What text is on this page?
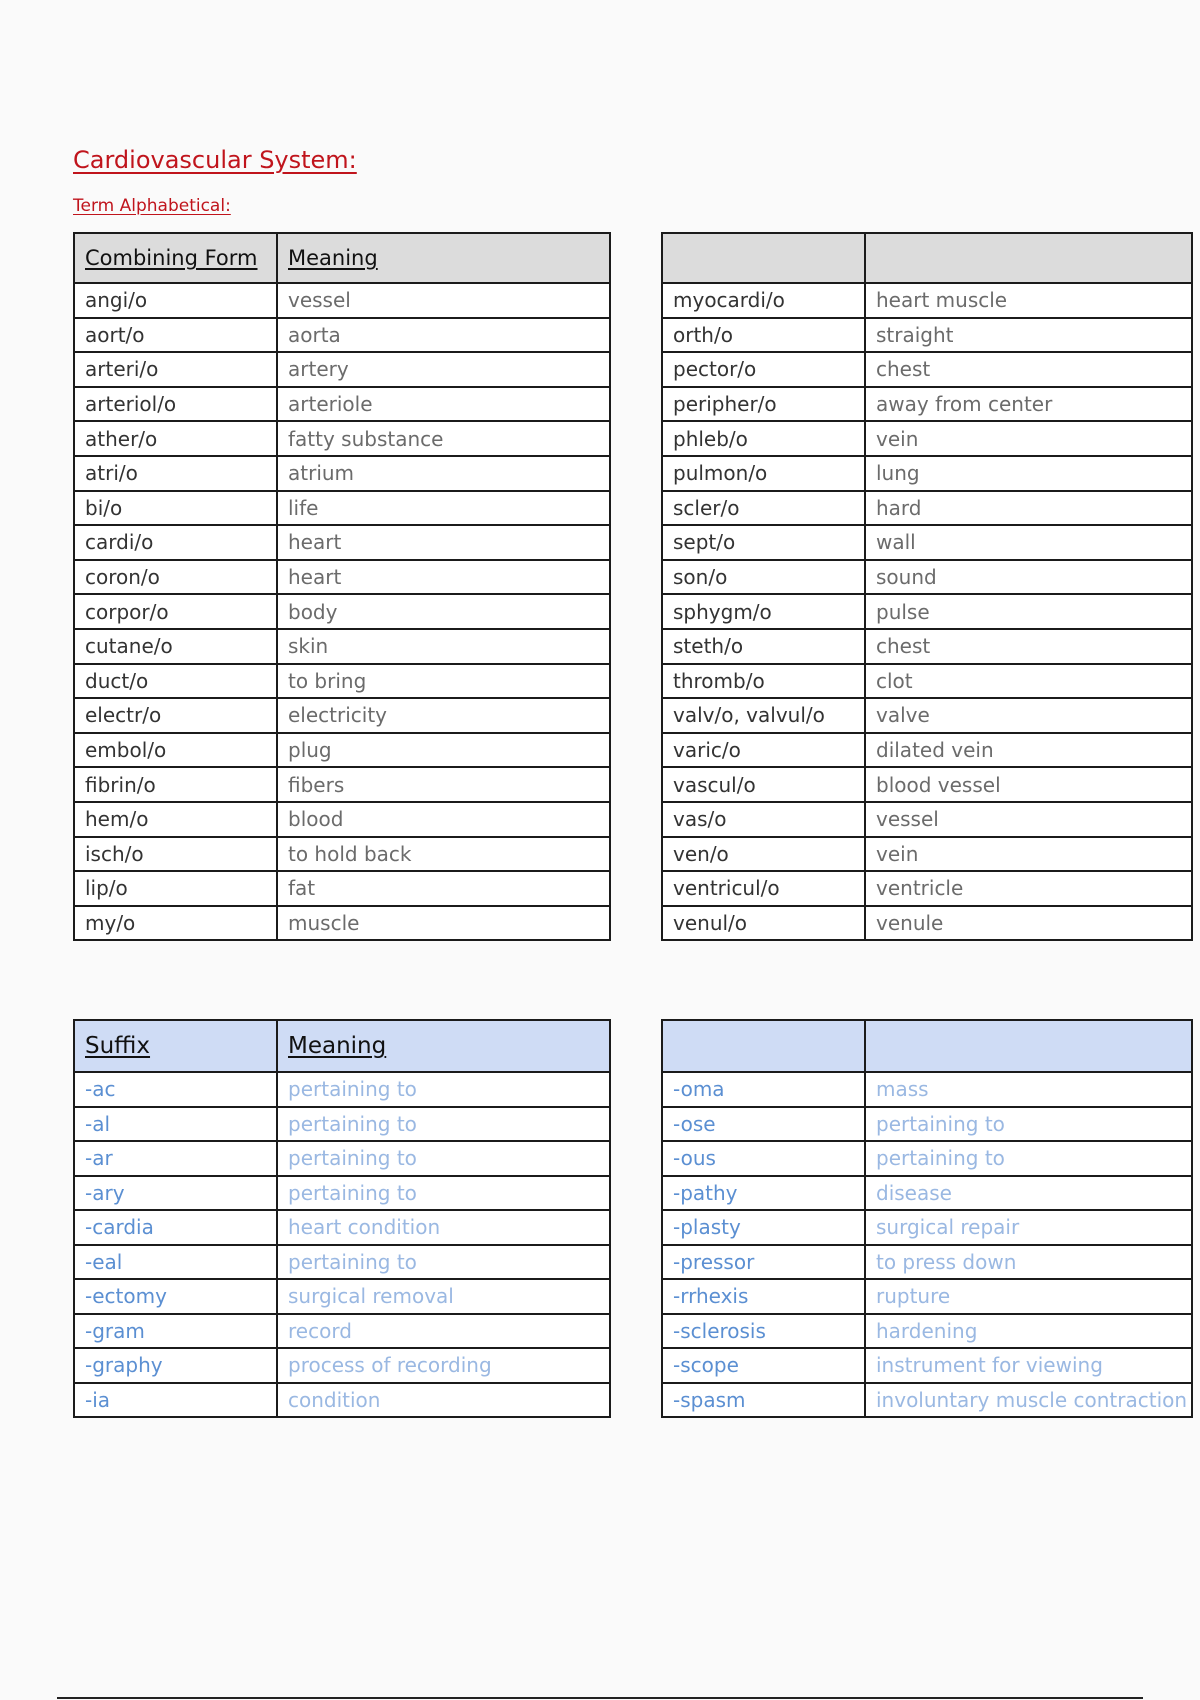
Cardiovascular System:
Term Alphabetical:
Combining Form	Meaning
angi/o	vessel
aort/o	aorta
arteri/o	artery
arteriol/o	arteriole
ather/o	fatty substance
atri/o	atrium
bi/o	life
cardi/o	heart
coron/o	heart
corpor/o	body
cutane/o	skin
duct/o	to bring
electr/o	electricity
embol/o	plug
fibrin/o	fibers
hem/o	blood
isch/o	to hold back
lip/o	fat
my/o	muscle

myocardi/o	heart muscle
orth/o	straight
pector/o	chest
peripher/o	away from center
phleb/o	vein
pulmon/o	lung
scler/o	hard
sept/o	wall
son/o	sound
sphygm/o	pulse
steth/o	chest
thromb/o	clot
valv/o, valvul/o	valve
varic/o	dilated vein
vascul/o	blood vessel
vas/o	vessel
ven/o	vein
ventricul/o	ventricle
venul/o	venule
Suffix	Meaning
-ac	pertaining to
-al	pertaining to
-ar	pertaining to
-ary	pertaining to
-cardia	heart condition
-eal	pertaining to
-ectomy	surgical removal
-gram	record
-graphy	process of recording
-ia	condition

-oma	mass
-ose	pertaining to
-ous	pertaining to
-pathy	disease
-plasty	surgical repair
-pressor	to press down
-rrhexis	rupture
-sclerosis	hardening
-scope	instrument for viewing
-spasm	involuntary muscle contraction
